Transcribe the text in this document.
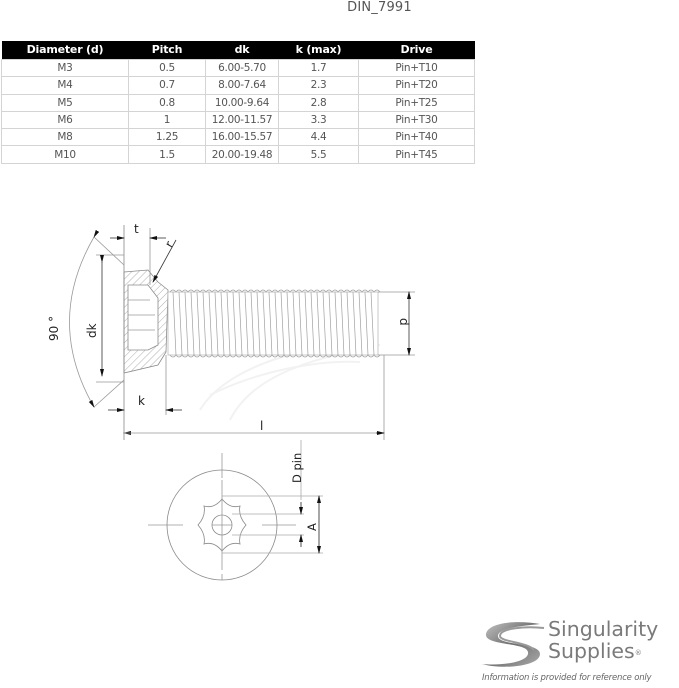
DIN_7991
Diameter (d)	Pitch	dk	k (max)	Drive
M3	0.5	6.00-5.70	1.7	Pin+T10
M4	0.7	8.00-7.64	2.3	Pin+T20
M5	0.8	10.00-9.64	2.8	Pin+T25
M6	1	12.00-11.57	3.3	Pin+T30
M8	1.25	16.00-15.57	4.4	Pin+T40
M10	1.5	20.00-19.48	5.5	Pin+T45
t
r
90 ° dk
k
l
d
D pin
A
Singularity
Supplies®
Information is provided for reference only
